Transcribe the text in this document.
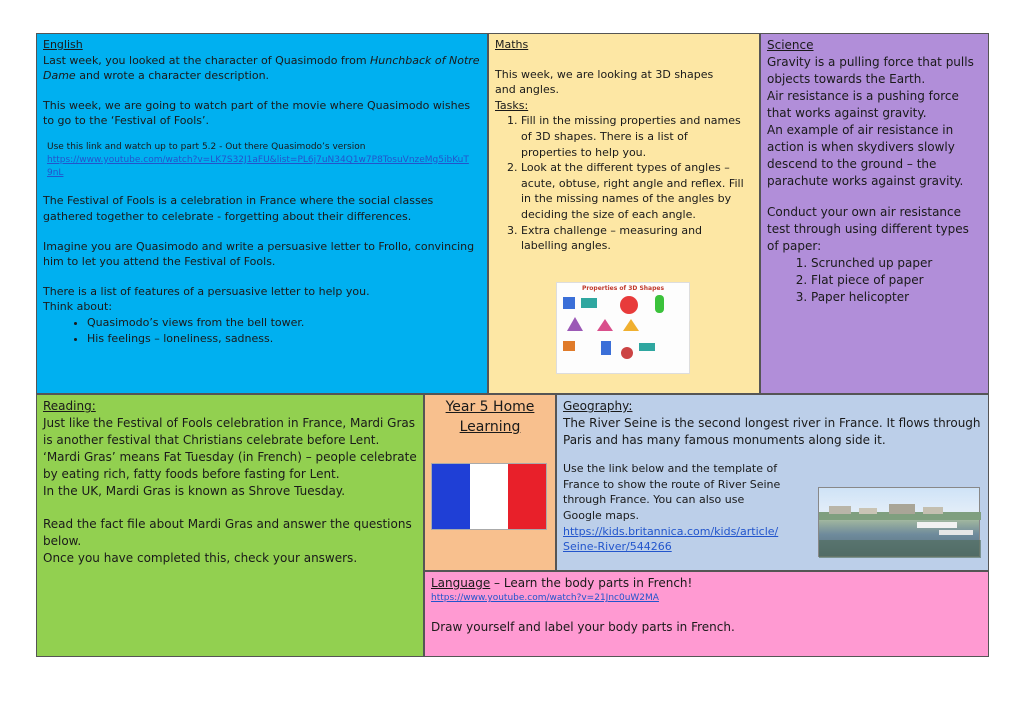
English

Last week, you looked at the character of Quasimodo from Hunchback of Notre Dame and wrote a character description.

This week, we are going to watch part of the movie where Quasimodo wishes to go to the ‘Festival of Fools’.

Use this link and watch up to part 5.2 - Out there Quasimodo’s version

https://www.youtube.com/watch?v=LK7S32J1aFU&list=PL6j7uN34Q1w7P8TosuVnzeMg5ibKuT9nL

The Festival of Fools is a celebration in France where the social classes gathered together to celebrate - forgetting about their differences.

Imagine you are Quasimodo and write a persuasive letter to Frollo, convincing him to let you attend the Festival of Fools.

There is a list of features of a persuasive letter to help you.

Think about:

• Quasimodo’s views from the bell tower.
• His feelings – loneliness, sadness.
Maths

This week, we are looking at 3D shapes and angles.

Tasks:

1. Fill in the missing properties and names of 3D shapes. There is a list of properties to help you.
2. Look at the different types of angles – acute, obtuse, right angle and reflex. Fill in the missing names of the angles by deciding the size of each angle.
3. Extra challenge – measuring and labelling angles.
Properties of 3D Shapes
Science

Gravity is a pulling force that pulls objects towards the Earth.

Air resistance is a pushing force that works against gravity.

An example of air resistance in action is when skydivers slowly descend to the ground – the parachute works against gravity.

Conduct your own air resistance test through using different types of paper:

1. Scrunched up paper
2. Flat piece of paper
3. Paper helicopter
Reading:

Just like the Festival of Fools celebration in France, Mardi Gras is another festival that Christians celebrate before Lent.

‘Mardi Gras’ means Fat Tuesday (in French) – people celebrate by eating rich, fatty foods before fasting for Lent.

In the UK, Mardi Gras is known as Shrove Tuesday.

Read the fact file about Mardi Gras and answer the questions below.

Once you have completed this, check your answers.

Year 5 Home
Learning
Geography:

The River Seine is the second longest river in France. It flows through Paris and has many famous monuments along side it.

Use the link below and the template of France to show the route of River Seine through France. You can also use Google maps.

https://kids.britannica.com/kids/article/Seine-River/544266

Language – Learn the body parts in French!

https://www.youtube.com/watch?v=21Jnc0uW2MA

Draw yourself and label your body parts in French.
